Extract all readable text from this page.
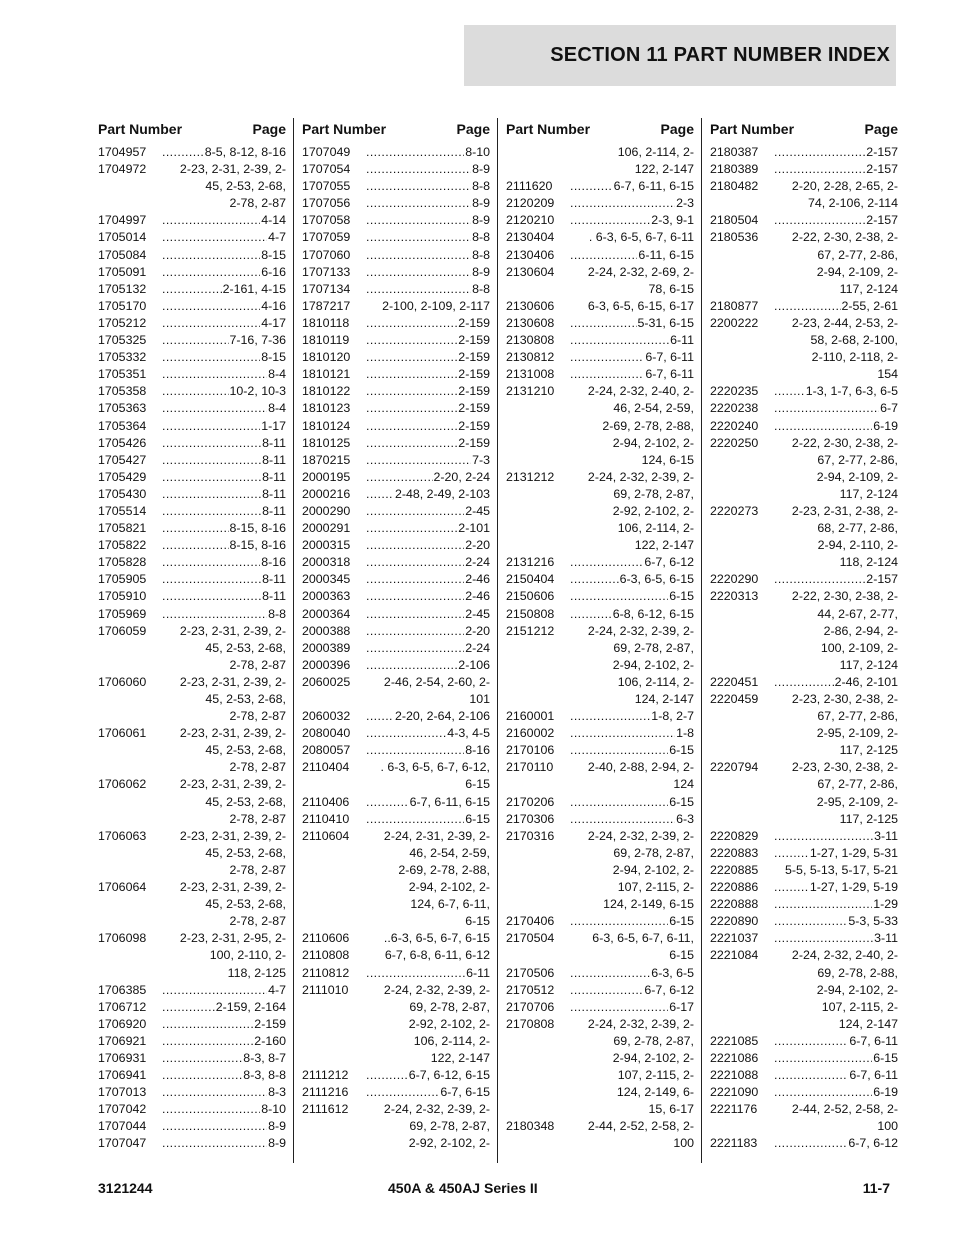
SECTION 11 PART NUMBER INDEX
Part Number	Page
1704957 .....	8-5, 8-12, 8-16
1704972	2-23, 2-31, 2-39, 2-
45, 2-53, 2-68,
2-78, 2-87
1704997 .....	4-14
1705014 .....	4-7
1705084 .....	8-15
1705091 .....	6-16
1705132 .....	2-161, 4-15
1705170 .....	4-16
1705212 .....	4-17
1705325 .....	7-16, 7-36
1705332 .....	8-15
1705351 .....	8-4
1705358 .....	10-2, 10-3
1705363 .....	8-4
1705364 .....	1-17
1705426 .....	8-11
1705427 .....	8-11
1705429 .....	8-11
1705430 .....	8-11
1705514 .....	8-11
1705821 .....	8-15, 8-16
1705822 .....	8-15, 8-16
1705828 .....	8-16
1705905 .....	8-11
1705910 .....	8-11
1705969 .....	8-8
1706059	2-23, 2-31, 2-39, 2-
45, 2-53, 2-68,
2-78, 2-87
1706060	2-23, 2-31, 2-39, 2-
45, 2-53, 2-68,
2-78, 2-87
1706061	2-23, 2-31, 2-39, 2-
45, 2-53, 2-68,
2-78, 2-87
1706062	2-23, 2-31, 2-39, 2-
45, 2-53, 2-68,
2-78, 2-87
1706063	2-23, 2-31, 2-39, 2-
45, 2-53, 2-68,
2-78, 2-87
1706064	2-23, 2-31, 2-39, 2-
45, 2-53, 2-68,
2-78, 2-87
1706098	2-23, 2-31, 2-95, 2-
100, 2-110, 2-
118, 2-125
1706385 .....	4-7
1706712 .....	2-159, 2-164
1706920 .....	2-159
1706921 .....	2-160
1706931 .....	8-3, 8-7
1706941 .....	8-3, 8-8
1707013 .....	8-3
1707042 .....	8-10
1707044 .....	8-9
1707047 .....	8-9
Part Number	Page
1707049 .....	8-10
1707054 .....	8-9
1707055 .....	8-8
1707056 .....	8-9
1707058 .....	8-9
1707059 .....	8-8
1707060 .....	8-8
1707133 .....	8-9
1707134 .....	8-8
1787217	2-100, 2-109, 2-117
1810118 .....	2-159
1810119 .....	2-159
1810120 .....	2-159
1810121 .....	2-159
1810122 .....	2-159
1810123 .....	2-159
1810124 .....	2-159
1810125 .....	2-159
1870215 .....	7-3
2000195 .....	2-20, 2-24
2000216 .....	2-48, 2-49, 2-103
2000290 .....	2-45
2000291 .....	2-101
2000315 .....	2-20
2000318 .....	2-24
2000345 .....	2-46
2000363 .....	2-46
2000364 .....	2-45
2000388 .....	2-20
2000389 .....	2-24
2000396 .....	2-106
2060025	2-46, 2-54, 2-60, 2-
101
2060032 .....	2-20, 2-64, 2-106
2080040 .....	4-3, 4-5
2080057 .....	8-16
2110404	. 6-3, 6-5, 6-7, 6-12,
6-15
2110406 .....	6-7, 6-11, 6-15
2110410 .....	6-15
2110604	2-24, 2-31, 2-39, 2-
46, 2-54, 2-59,
2-69, 2-78, 2-88,
2-94, 2-102, 2-
124, 6-7, 6-11,
6-15
2110606	..6-3, 6-5, 6-7, 6-15
2110808	6-7, 6-8, 6-11, 6-12
2110812 .....	6-11
2111010	2-24, 2-32, 2-39, 2-
69, 2-78, 2-87,
2-92, 2-102, 2-
106, 2-114, 2-
122, 2-147
2111212 .....	6-7, 6-12, 6-15
2111216 .....	6-7, 6-15
2111612	2-24, 2-32, 2-39, 2-
69, 2-78, 2-87,
2-92, 2-102, 2-
Part Number	Page
106, 2-114, 2-
122, 2-147
2111620 .....	6-7, 6-11, 6-15
2120209 .....	2-3
2120210 .....	2-3, 9-1
2130404	. 6-3, 6-5, 6-7, 6-11
2130406 .....	6-11, 6-15
2130604	2-24, 2-32, 2-69, 2-
78, 6-15
2130606	6-3, 6-5, 6-15, 6-17
2130608 .....	5-31, 6-15
2130808 .....	6-11
2130812 .....	6-7, 6-11
2131008 .....	6-7, 6-11
2131210	2-24, 2-32, 2-40, 2-
46, 2-54, 2-59,
2-69, 2-78, 2-88,
2-94, 2-102, 2-
124, 6-15
2131212	2-24, 2-32, 2-39, 2-
69, 2-78, 2-87,
2-92, 2-102, 2-
106, 2-114, 2-
122, 2-147
2131216 .....	6-7, 6-12
2150404 .....	6-3, 6-5, 6-15
2150606 .....	6-15
2150808 .....	6-8, 6-12, 6-15
2151212	2-24, 2-32, 2-39, 2-
69, 2-78, 2-87,
2-94, 2-102, 2-
106, 2-114, 2-
124, 2-147
2160001 .....	1-8, 2-7
2160002 .....	1-8
2170106 .....	6-15
2170110	2-40, 2-88, 2-94, 2-
124
2170206 .....	6-15
2170306 .....	6-3
2170316	2-24, 2-32, 2-39, 2-
69, 2-78, 2-87,
2-94, 2-102, 2-
107, 2-115, 2-
124, 2-149, 6-15
2170406 .....	6-15
2170504	6-3, 6-5, 6-7, 6-11,
6-15
2170506 .....	6-3, 6-5
2170512 .....	6-7, 6-12
2170706 .....	6-17
2170808	2-24, 2-32, 2-39, 2-
69, 2-78, 2-87,
2-94, 2-102, 2-
107, 2-115, 2-
124, 2-149, 6-
15, 6-17
2180348	2-44, 2-52, 2-58, 2-
100
Part Number	Page
2180387 .....	2-157
2180389 .....	2-157
2180482	2-20, 2-28, 2-65, 2-
74, 2-106, 2-114
2180504 .....	2-157
2180536	2-22, 2-30, 2-38, 2-
67, 2-77, 2-86,
2-94, 2-109, 2-
117, 2-124
2180877 .....	2-55, 2-61
2200222	2-23, 2-44, 2-53, 2-
58, 2-68, 2-100,
2-110, 2-118, 2-
154
2220235 .....	1-3, 1-7, 6-3, 6-5
2220238 .....	6-7
2220240 .....	6-19
2220250	2-22, 2-30, 2-38, 2-
67, 2-77, 2-86,
2-94, 2-109, 2-
117, 2-124
2220273	2-23, 2-31, 2-38, 2-
68, 2-77, 2-86,
2-94, 2-110, 2-
118, 2-124
2220290 .....	2-157
2220313	2-22, 2-30, 2-38, 2-
44, 2-67, 2-77,
2-86, 2-94, 2-
100, 2-109, 2-
117, 2-124
2220451 .....	2-46, 2-101
2220459	2-23, 2-30, 2-38, 2-
67, 2-77, 2-86,
2-95, 2-109, 2-
117, 2-125
2220794	2-23, 2-30, 2-38, 2-
67, 2-77, 2-86,
2-95, 2-109, 2-
117, 2-125
2220829 .....	3-11
2220883 .....	1-27, 1-29, 5-31
2220885	5-5, 5-13, 5-17, 5-21
2220886 .....	1-27, 1-29, 5-19
2220888 .....	1-29
2220890 .....	5-3, 5-33
2221037 .....	3-11
2221084	2-24, 2-32, 2-40, 2-
69, 2-78, 2-88,
2-94, 2-102, 2-
107, 2-115, 2-
124, 2-147
2221085 .....	6-7, 6-11
2221086 .....	6-15
2221088 .....	6-7, 6-11
2221090 .....	6-19
2221176	2-44, 2-52, 2-58, 2-
100
2221183 .....	6-7, 6-12
3121244	450A & 450AJ Series II	11-7
